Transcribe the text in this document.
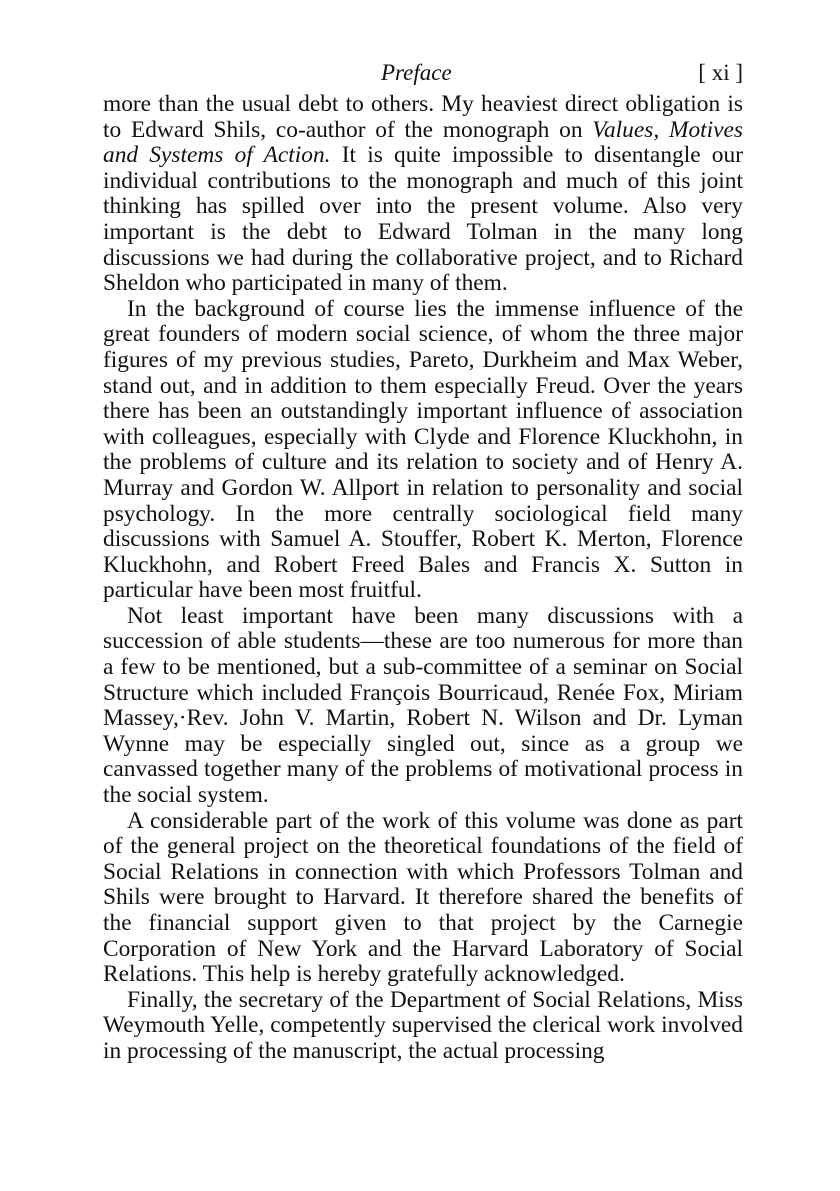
Preface	[ xi ]

more than the usual debt to others. My heaviest direct obligation is to Edward Shils, co-author of the monograph on Values, Motives and Systems of Action. It is quite impossible to disentangle our individual contributions to the monograph and much of this joint thinking has spilled over into the present volume. Also very important is the debt to Edward Tolman in the many long discussions we had during the collaborative project, and to Richard Sheldon who participated in many of them.

In the background of course lies the immense influence of the great founders of modern social science, of whom the three major figures of my previous studies, Pareto, Durkheim and Max Weber, stand out, and in addition to them especially Freud. Over the years there has been an outstandingly important influence of association with colleagues, especially with Clyde and Florence Kluckhohn, in the problems of culture and its relation to society and of Henry A. Murray and Gordon W. Allport in relation to personality and social psychology. In the more centrally sociological field many discussions with Samuel A. Stouffer, Robert K. Merton, Florence Kluckhohn, and Robert Freed Bales and Francis X. Sutton in particular have been most fruitful.

Not least important have been many discussions with a succession of able students—these are too numerous for more than a few to be mentioned, but a sub-committee of a seminar on Social Structure which included François Bourricaud, Renée Fox, Miriam Massey,·Rev. John V. Martin, Robert N. Wilson and Dr. Lyman Wynne may be especially singled out, since as a group we canvassed together many of the problems of motivational process in the social system.

A considerable part of the work of this volume was done as part of the general project on the theoretical foundations of the field of Social Relations in connection with which Professors Tolman and Shils were brought to Harvard. It therefore shared the benefits of the financial support given to that project by the Carnegie Corporation of New York and the Harvard Laboratory of Social Relations. This help is hereby gratefully acknowledged.

Finally, the secretary of the Department of Social Relations, Miss Weymouth Yelle, competently supervised the clerical work involved in processing of the manuscript, the actual processing
